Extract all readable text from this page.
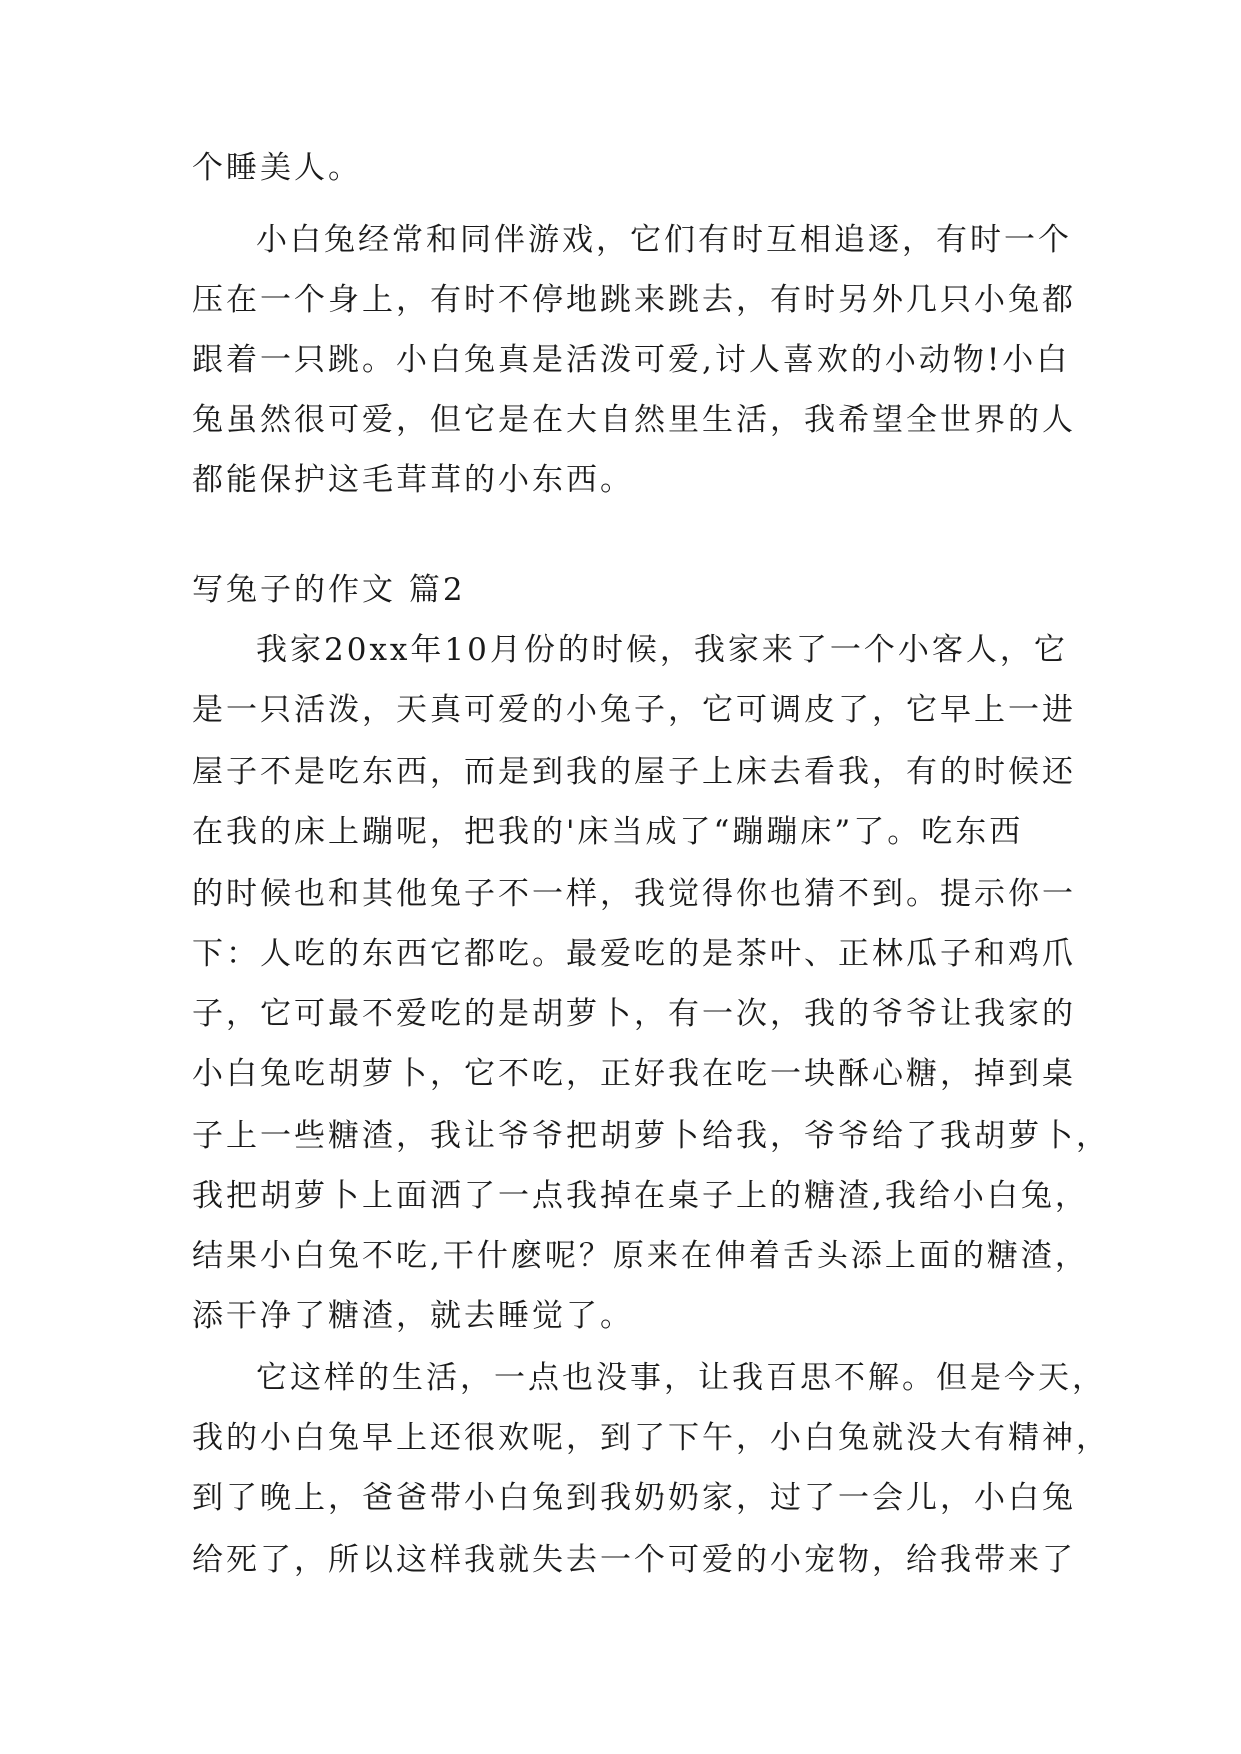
个睡美人。
小白兔经常和同伴游戏，它们有时互相追逐，有时一个
压在一个身上，有时不停地跳来跳去，有时另外几只小兔都
跟着一只跳。小白兔真是活泼可爱,讨人喜欢的小动物!小白
兔虽然很可爱，但它是在大自然里生活，我希望全世界的人
都能保护这毛茸茸的小东西。
写兔子的作文 篇2
我家20xx年10月份的时候，我家来了一个小客人，它
是一只活泼，天真可爱的小兔子，它可调皮了，它早上一进
屋子不是吃东西，而是到我的屋子上床去看我，有的时候还
在我的床上蹦呢，把我的'床当成了“蹦蹦床”了。吃东西
的时候也和其他兔子不一样，我觉得你也猜不到。提示你一
下：人吃的东西它都吃。最爱吃的是茶叶、正林瓜子和鸡爪
子，它可最不爱吃的是胡萝卜，有一次，我的爷爷让我家的
小白兔吃胡萝卜，它不吃，正好我在吃一块酥心糖，掉到桌
子上一些糖渣，我让爷爷把胡萝卜给我，爷爷给了我胡萝卜，
我把胡萝卜上面洒了一点我掉在桌子上的糖渣,我给小白兔，
结果小白兔不吃,干什麽呢？原来在伸着舌头添上面的糖渣，
添干净了糖渣，就去睡觉了。
它这样的生活，一点也没事，让我百思不解。但是今天，
我的小白兔早上还很欢呢，到了下午，小白兔就没大有精神，
到了晚上，爸爸带小白兔到我奶奶家，过了一会儿，小白兔
给死了，所以这样我就失去一个可爱的小宠物，给我带来了
